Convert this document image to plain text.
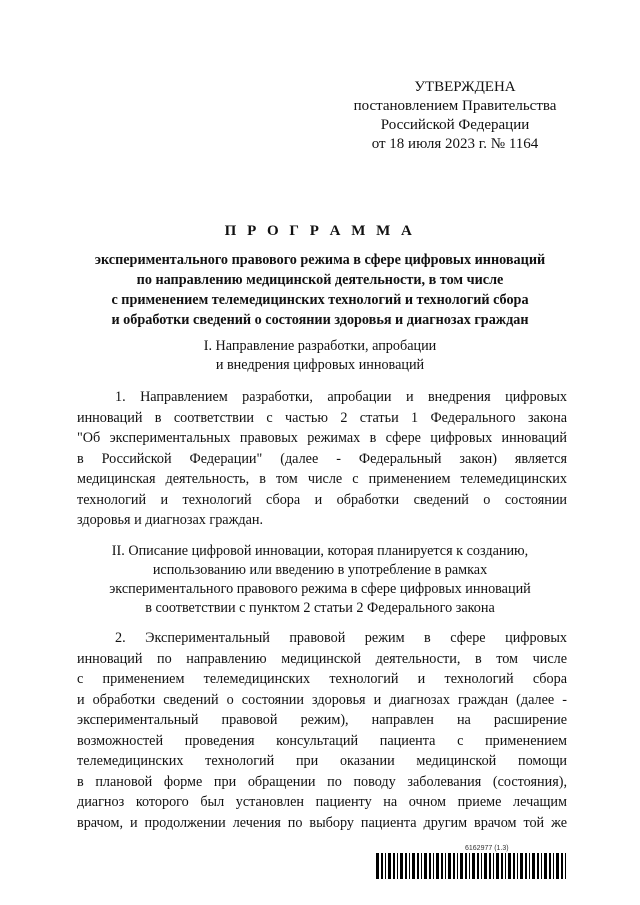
УТВЕРЖДЕНА
постановлением Правительства
Российской Федерации
от 18 июля 2023 г. № 1164
П Р О Г Р А М М А
экспериментального правового режима в сфере цифровых инноваций
по направлению медицинской деятельности, в том числе
с применением телемедицинских технологий и технологий сбора
и обработки сведений о состоянии здоровья и диагнозах граждан
I. Направление разработки, апробации
и внедрения цифровых инноваций
1. Направлением разработки, апробации и внедрения цифровых
инноваций в соответствии с частью 2 статьи 1 Федерального закона
"Об экспериментальных правовых режимах в сфере цифровых инноваций
в Российской Федерации" (далее - Федеральный закон) является
медицинская деятельность, в том числе с применением телемедицинских
технологий и технологий сбора и обработки сведений о состоянии
здоровья и диагнозах граждан.
II. Описание цифровой инновации, которая планируется к созданию,
использованию или введению в употребление в рамках
экспериментального правового режима в сфере цифровых инноваций
в соответствии с пунктом 2 статьи 2 Федерального закона
2. Экспериментальный правовой режим в сфере цифровых
инноваций по направлению медицинской деятельности, в том числе
с применением телемедицинских технологий и технологий сбора
и обработки сведений о состоянии здоровья и диагнозах граждан (далее -
экспериментальный правовой режим), направлен на расширение
возможностей проведения консультаций пациента с применением
телемедицинских технологий при оказании медицинской помощи
в плановой форме при обращении по поводу заболевания (состояния),
диагноз которого был установлен пациенту на очном приеме лечащим
врачом, и продолжении лечения по выбору пациента другим врачом той же
6162977 (1.3)
